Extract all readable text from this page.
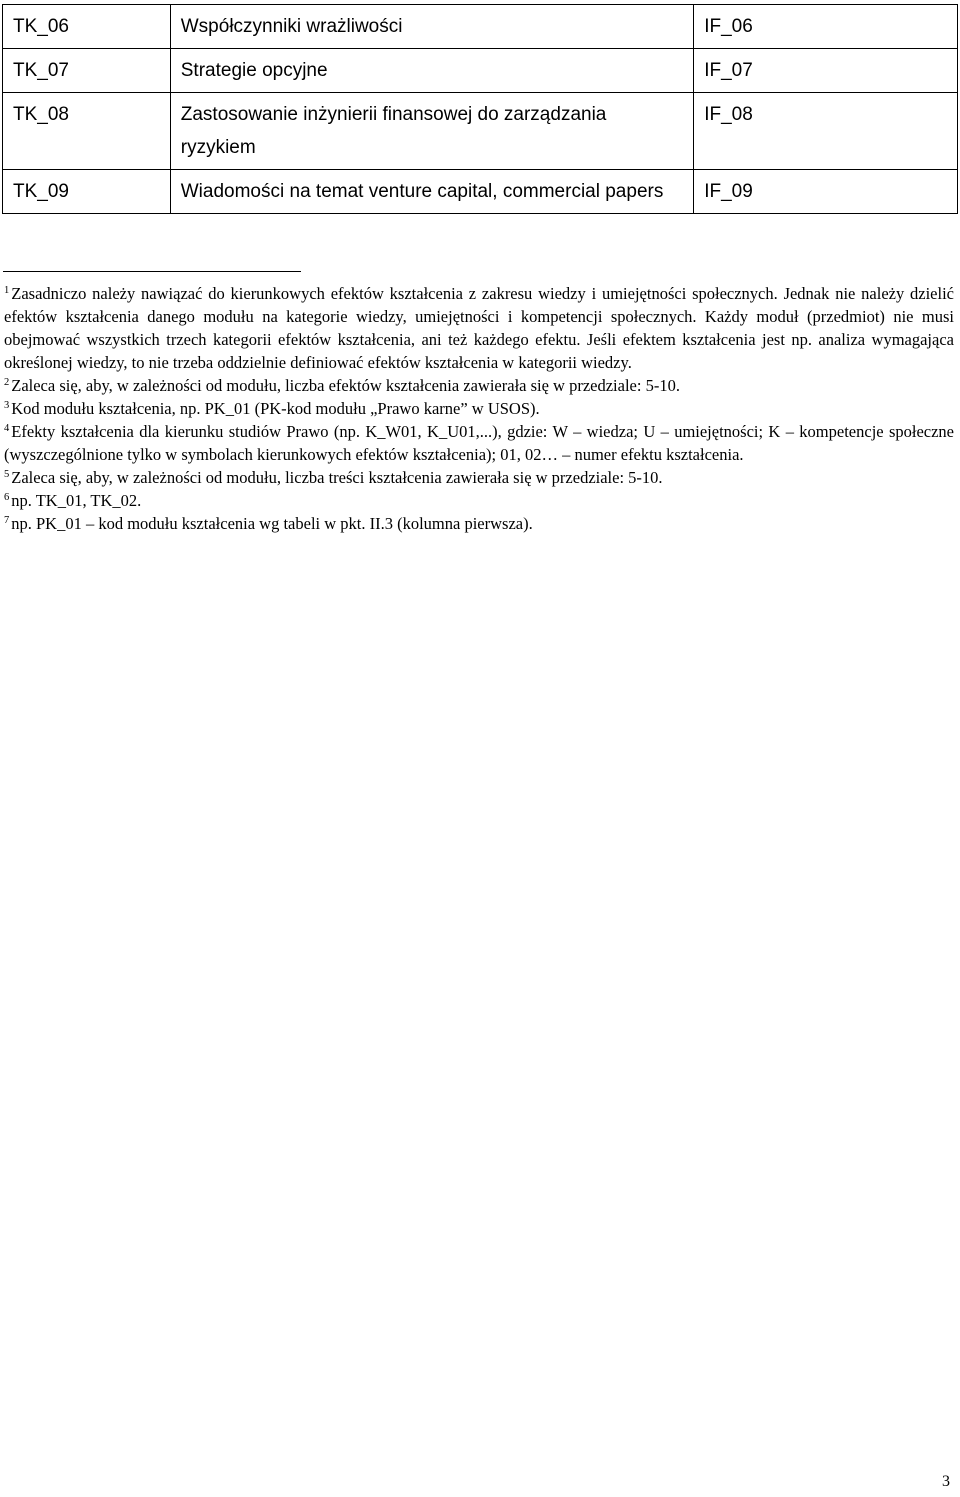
TK_06	Współczynniki wrażliwości	IF_06
TK_07	Strategie opcyjne	IF_07
TK_08	Zastosowanie inżynierii finansowej do zarządzania ryzykiem	IF_08
TK_09	Wiadomości na temat venture capital, commercial papers	IF_09

$^1$ Zasadniczo należy nawiązać do kierunkowych efektów kształcenia z zakresu wiedzy i umiejętności społecznych. Jednak nie należy dzielić efektów kształcenia danego modułu na kategorie wiedzy, umiejętności i kompetencji społecznych. Każdy moduł (przedmiot) nie musi obejmować wszystkich trzech kategorii efektów kształcenia, ani też każdego efektu. Jeśli efektem kształcenia jest np. analiza wymagająca określonej wiedzy, to nie trzeba oddzielnie definiować efektów kształcenia w kategorii wiedzy.

$^2$ Zaleca się, aby, w zależności od modułu, liczba efektów kształcenia zawierała się w przedziale: 5-10.

$^3$ Kod modułu kształcenia, np. PK_01 (PK-kod modułu „Prawo karne” w USOS).

$^4$ Efekty kształcenia dla kierunku studiów Prawo (np. K_W01, K_U01,...), gdzie: W – wiedza; U – umiejętności; K – kompetencje społeczne (wyszczególnione tylko w symbolach kierunkowych efektów kształcenia); 01, 02… – numer efektu kształcenia.

$^5$ Zaleca się, aby, w zależności od modułu, liczba treści kształcenia zawierała się w przedziale: 5-10.

$^6$ np. TK_01, TK_02.

$^7$ np. PK_01 – kod modułu kształcenia wg tabeli w pkt. II.3 (kolumna pierwsza).

3
